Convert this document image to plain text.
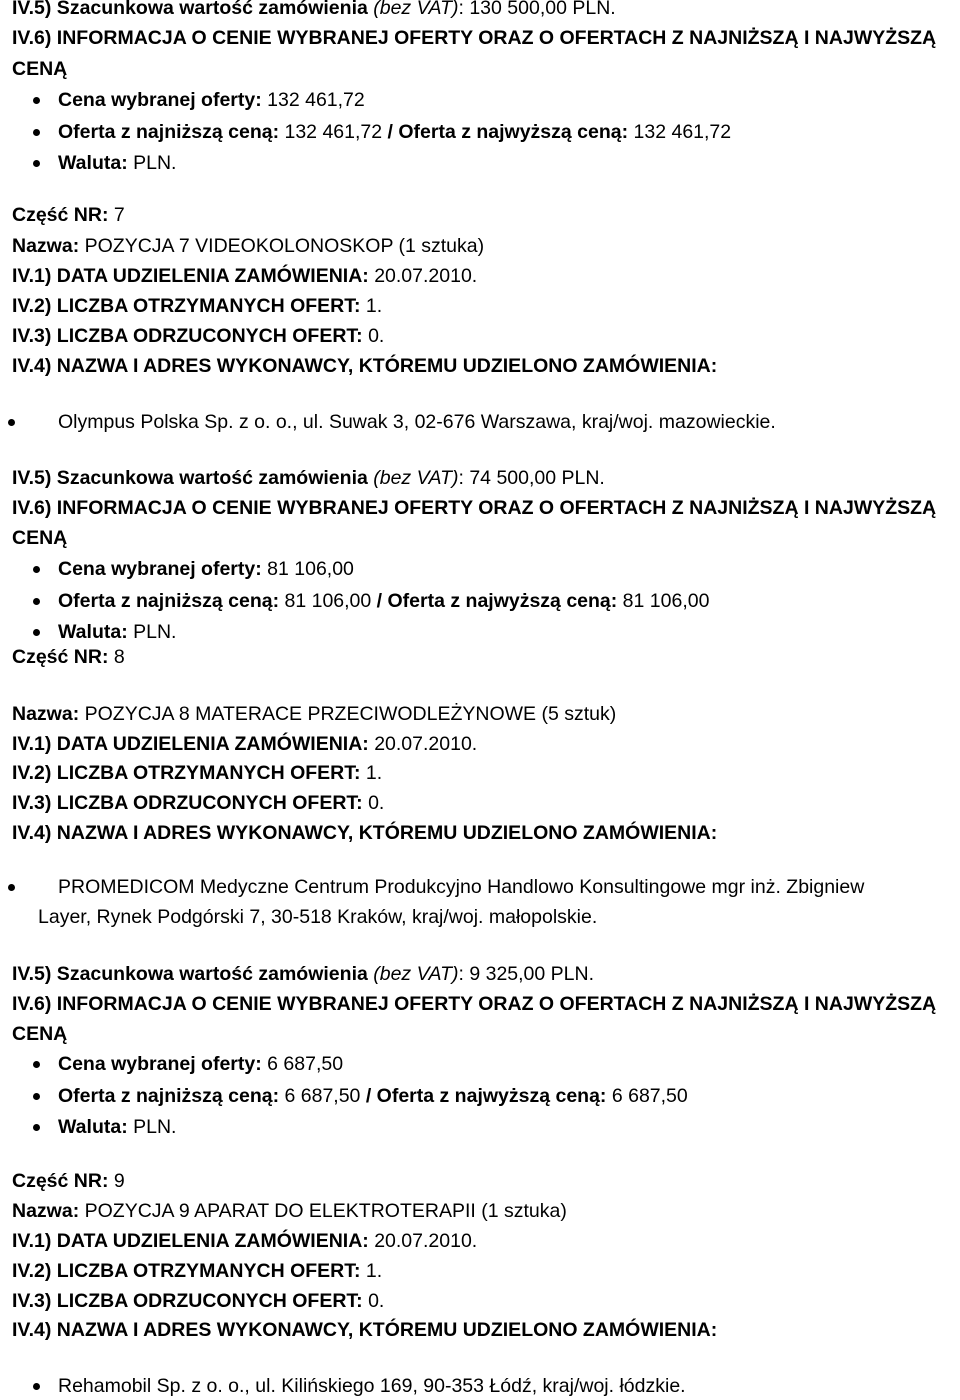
IV.5) Szacunkowa wartość zamówienia (bez VAT): 130 500,00 PLN.
IV.6) INFORMACJA O CENIE WYBRANEJ OFERTY ORAZ O OFERTACH Z NAJNIŻSZĄ I NAJWYŻSZĄ
CENĄ
Cena wybranej oferty: 132 461,72
Oferta z najniższą ceną: 132 461,72 / Oferta z najwyższą ceną: 132 461,72
Waluta: PLN.
Część NR: 7
Nazwa: POZYCJA 7 VIDEOKOLONOSKOP (1 sztuka)
IV.1) DATA UDZIELENIA ZAMÓWIENIA: 20.07.2010.
IV.2) LICZBA OTRZYMANYCH OFERT: 1.
IV.3) LICZBA ODRZUCONYCH OFERT: 0.
IV.4) NAZWA I ADRES WYKONAWCY, KTÓREMU UDZIELONO ZAMÓWIENIA:
Olympus Polska Sp. z o. o., ul. Suwak 3, 02-676 Warszawa, kraj/woj. mazowieckie.
IV.5) Szacunkowa wartość zamówienia (bez VAT): 74 500,00 PLN.
IV.6) INFORMACJA O CENIE WYBRANEJ OFERTY ORAZ O OFERTACH Z NAJNIŻSZĄ I NAJWYŻSZĄ
CENĄ
Cena wybranej oferty: 81 106,00
Oferta z najniższą ceną: 81 106,00 / Oferta z najwyższą ceną: 81 106,00
Waluta: PLN.
Część NR: 8
Nazwa: POZYCJA 8 MATERACE PRZECIWODLEŻYNOWE (5 sztuk)
IV.1) DATA UDZIELENIA ZAMÓWIENIA: 20.07.2010.
IV.2) LICZBA OTRZYMANYCH OFERT: 1.
IV.3) LICZBA ODRZUCONYCH OFERT: 0.
IV.4) NAZWA I ADRES WYKONAWCY, KTÓREMU UDZIELONO ZAMÓWIENIA:
PROMEDICOM Medyczne Centrum Produkcyjno Handlowo Konsultingowe mgr inż. Zbigniew
Layer, Rynek Podgórski 7, 30-518 Kraków, kraj/woj. małopolskie.
IV.5) Szacunkowa wartość zamówienia (bez VAT): 9 325,00 PLN.
IV.6) INFORMACJA O CENIE WYBRANEJ OFERTY ORAZ O OFERTACH Z NAJNIŻSZĄ I NAJWYŻSZĄ
CENĄ
Cena wybranej oferty: 6 687,50
Oferta z najniższą ceną: 6 687,50 / Oferta z najwyższą ceną: 6 687,50
Waluta: PLN.
Część NR: 9
Nazwa: POZYCJA 9 APARAT DO ELEKTROTERAPII (1 sztuka)
IV.1) DATA UDZIELENIA ZAMÓWIENIA: 20.07.2010.
IV.2) LICZBA OTRZYMANYCH OFERT: 1.
IV.3) LICZBA ODRZUCONYCH OFERT: 0.
IV.4) NAZWA I ADRES WYKONAWCY, KTÓREMU UDZIELONO ZAMÓWIENIA:
Rehamobil Sp. z o. o., ul. Kilińskiego 169, 90-353 Łódź, kraj/woj. łódzkie.
